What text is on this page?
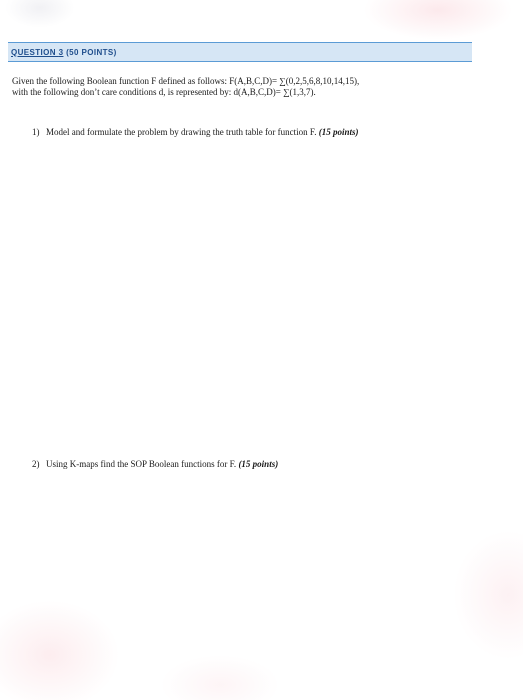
QUESTION 3 (50 POINTS)
Given the following Boolean function F defined as follows: F(A,B,C,D)= ∑(0,2,5,6,8,10,14,15),
with the following don’t care conditions d, is represented by: d(A,B,C,D)= ∑(1,3,7).
1) Model and formulate the problem by drawing the truth table for function F. (15 points)
2) Using K-maps find the SOP Boolean functions for F. (15 points)
